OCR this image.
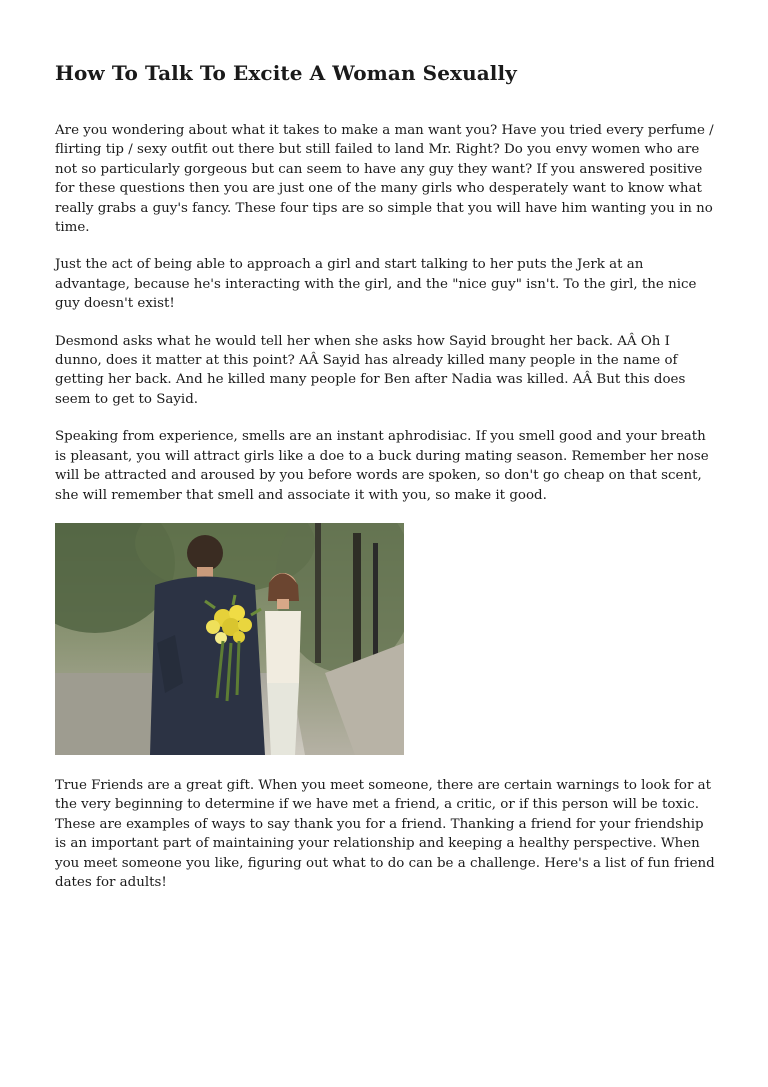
How To Talk To Excite A Woman Sexually

Are you wondering about what it takes to make a man want you? Have you tried every perfume / flirting tip / sexy outfit out there but still failed to land Mr. Right? Do you envy women who are not so particularly gorgeous but can seem to have any guy they want? If you answered positive for these questions then you are just one of the many girls who desperately want to know what really grabs a guy's fancy. These four tips are so simple that you will have him wanting you in no time.

Just the act of being able to approach a girl and start talking to her puts the Jerk at an advantage, because he's interacting with the girl, and the "nice guy" isn't. To the girl, the nice guy doesn't exist!

Desmond asks what he would tell her when she asks how Sayid brought her back. AÂ Oh I dunno, does it matter at this point? AÂ Sayid has already killed many people in the name of getting her back. And he killed many people for Ben after Nadia was killed. AÂ But this does seem to get to Sayid.

Speaking from experience, smells are an instant aphrodisiac. If you smell good and your breath is pleasant, you will attract girls like a doe to a buck during mating season. Remember her nose will be attracted and aroused by you before words are spoken, so don't go cheap on that scent, she will remember that smell and associate it with you, so make it good.

True Friends are a great gift. When you meet someone, there are certain warnings to look for at the very beginning to determine if we have met a friend, a critic, or if this person will be toxic. These are examples of ways to say thank you for a friend. Thanking a friend for your friendship is an important part of maintaining your relationship and keeping a healthy perspective. When you meet someone you like, figuring out what to do can be a challenge. Here's a list of fun friend dates for adults!
